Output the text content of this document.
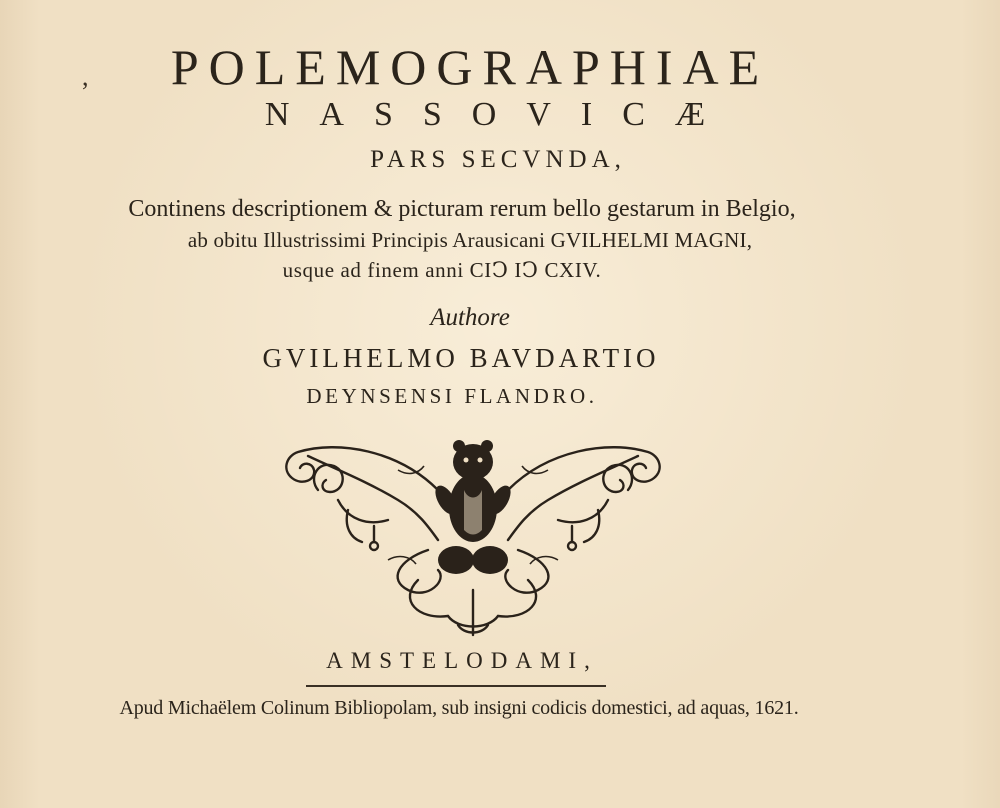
,	POLEMOGRAPHIAE
NASSOVICÆ
PARS SECVNDA,
Continens descriptionem & picturam rerum bello gestarum in Belgio,
ab obitu Illustrissimi Principis Arausicani GVILHELMI MAGNI,
usque ad finem anni CIↃ IↃ CXIV.
Authore
GVILHELMO BAVDARTIO
DEYNSENSI FLANDRO.
AMSTELODAMI,
Apud Michaëlem Colinum Bibliopolam, sub insigni codicis domestici, ad aquas, 1621.
